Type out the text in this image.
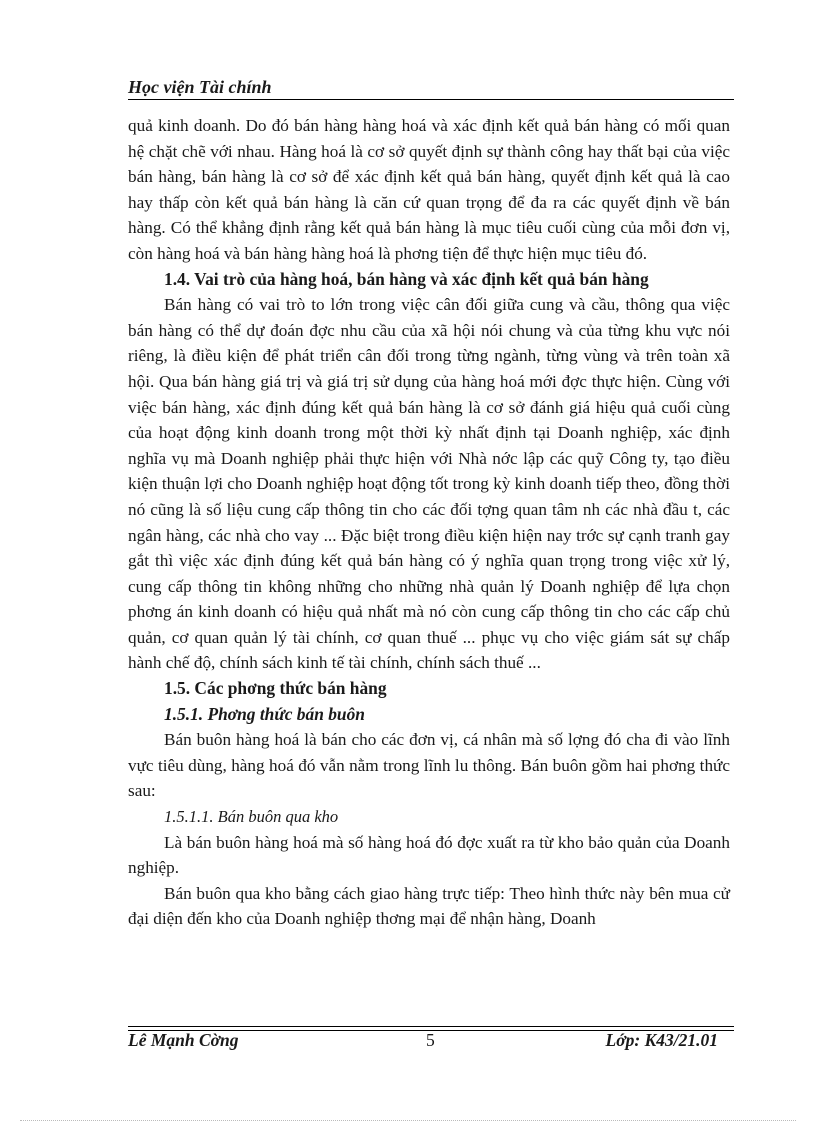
Học viện Tài chính

quả kinh doanh. Do đó bán hàng hàng hoá và xác định kết quả bán hàng có mối quan hệ chặt chẽ với nhau. Hàng hoá là cơ sở quyết định sự thành công hay thất bại của việc bán hàng, bán hàng là cơ sở để xác định kết quả bán hàng, quyết định kết quả là cao hay thấp còn kết quả bán hàng là căn cứ quan trọng để đa ra các quyết định về bán hàng. Có thể khẳng định rằng kết quả bán hàng là mục tiêu cuối cùng của mỗi đơn vị, còn hàng hoá và bán hàng hàng hoá là phơng tiện để thực hiện mục tiêu đó.

1.4. Vai trò của hàng hoá, bán hàng và xác định kết quả bán hàng

Bán hàng có vai trò to lớn trong việc cân đối giữa cung và cầu, thông qua việc bán hàng có thể dự đoán đợc nhu cầu của xã hội nói chung và của từng khu vực nói riêng, là điều kiện để phát triển cân đối trong từng ngành, từng vùng và trên toàn xã hội. Qua bán hàng giá trị và giá trị sử dụng của hàng hoá mới đợc thực hiện. Cùng với việc bán hàng, xác định đúng kết quả bán hàng là cơ sở đánh giá hiệu quả cuối cùng của hoạt động kinh doanh trong một thời kỳ nhất định tại Doanh nghiệp, xác định nghĩa vụ mà Doanh nghiệp phải thực hiện với Nhà nớc lập các quỹ Công ty, tạo điều kiện thuận lợi cho Doanh nghiệp hoạt động tốt trong kỳ kinh doanh tiếp theo, đồng thời nó cũng là số liệu cung cấp thông tin cho các đối tợng quan tâm nh các nhà đầu t, các ngân hàng, các nhà cho vay ... Đặc biệt trong điều kiện hiện nay trớc sự cạnh tranh gay gắt thì việc xác định đúng kết quả bán hàng có ý nghĩa quan trọng trong việc xử lý, cung cấp thông tin không những cho những nhà quản lý Doanh nghiệp để lựa chọn phơng án kinh doanh có hiệu quả nhất mà nó còn cung cấp thông tin cho các cấp chủ quản, cơ quan quản lý tài chính, cơ quan thuế ... phục vụ cho việc giám sát sự chấp hành chế độ, chính sách kinh tế tài chính, chính sách thuế ...

1.5. Các phơng thức bán hàng
1.5.1. Phơng thức bán buôn

Bán buôn hàng hoá là bán cho các đơn vị, cá nhân mà số lợng đó cha đi vào lĩnh vực tiêu dùng, hàng hoá đó vẫn nằm trong lĩnh lu thông. Bán buôn gồm hai phơng thức sau:

1.5.1.1. Bán buôn qua kho

Là bán buôn hàng hoá mà số hàng hoá đó đợc xuất ra từ kho bảo quản của Doanh nghiệp.

Bán buôn qua kho bằng cách giao hàng trực tiếp: Theo hình thức này bên mua cử đại diện đến kho của Doanh nghiệp thơng mại để nhận hàng, Doanh

Lê Mạnh Cờng	5	Lớp: K43/21.01
